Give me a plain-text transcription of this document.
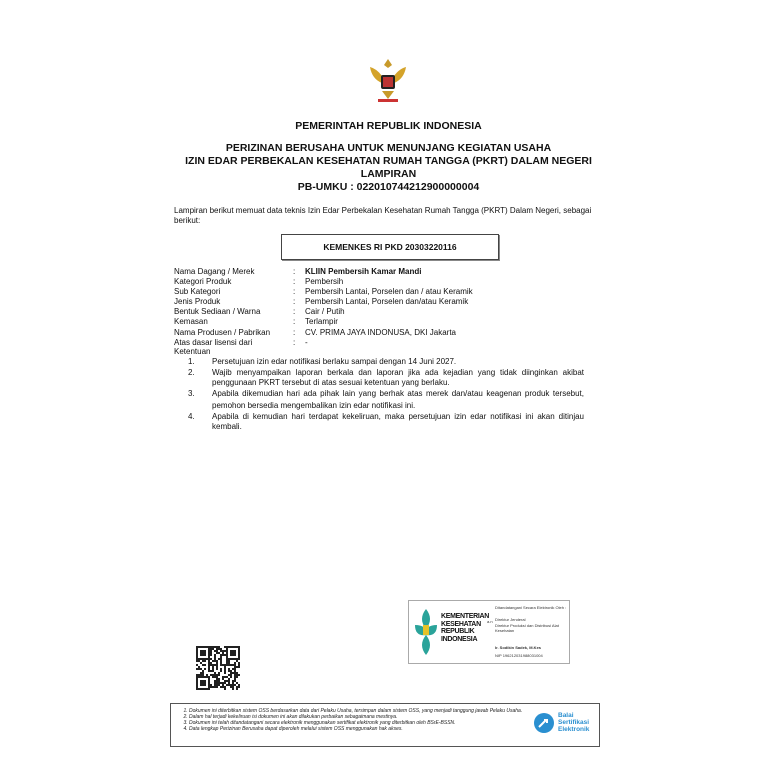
PEMERINTAH REPUBLIK INDONESIA
PERIZINAN BERUSAHA UNTUK MENUNJANG KEGIATAN USAHA
IZIN EDAR PERBEKALAN KESEHATAN RUMAH TANGGA (PKRT) DALAM NEGERI
LAMPIRAN
PB-UMKU : 022010744212900000004
Lampiran berikut memuat data teknis Izin Edar Perbekalan Kesehatan Rumah Tangga (PKRT) Dalam Negeri, sebagai berikut:
KEMENKES RI PKD 20303220116
Nama Dagang / Merek	:	KLIIN Pembersih Kamar Mandi
Kategori Produk	:	Pembersih
Sub Kategori	:	Pembersih Lantai, Porselen dan / atau Keramik
Jenis Produk	:	Pembersih Lantai, Porselen dan/atau Keramik
Bentuk Sediaan / Warna	:	Cair / Putih
Kemasan	:	Terlampir
Nama Produsen / Pabrikan	:	CV. PRIMA JAYA INDONUSA, DKI Jakarta
Atas dasar lisensi dari	:	-
Ketentuan
1.	Persetujuan izin edar notifikasi berlaku sampai dengan 14 Juni 2027.
2.	Wajib menyampaikan laporan berkala dan laporan jika ada kejadian yang tidak diinginkan akibat penggunaan PKRT tersebut di atas sesuai ketentuan yang berlaku.
3.	Apabila dikemudian hari ada pihak lain yang berhak atas merek dan/atau keagenan produk tersebut, pemohon bersedia mengembalikan izin edar notifikasi ini.
4.	Apabila di kemudian hari terdapat kekeliruan, maka persetujuan izin edar notifikasi ini akan ditinjau kembali.
KEMENTERIAN
KESEHATAN
REPUBLIK
INDONESIA
Ditandatangani Secara Elektronik Oleh :
a.n Direktur Jenderal
Direktur Produksi dan Distribusi Alat Kesehatan
Ir. Sodikin Sadek, M.Kes
NIP 196212031988031004
1. Dokumen ini diterbitkan sistem OSS berdasarkan data dari Pelaku Usaha, tersimpan dalam sistem OSS, yang menjadi tanggung jawab Pelaku Usaha.
2. Dalam hal terjadi kekeliruan isi dokumen ini akan dilakukan perbaikan sebagaimana mestinya.
3. Dokumen ini telah ditandatangani secara elektronik menggunakan sertifikat elektronik yang diterbitkan oleh BSrE-BSSN.
4. Data lengkap Perizinan Berusaha dapat diperoleh melalui sistem OSS menggunakan hak akses.
Balai
Sertifikasi
Elektronik
